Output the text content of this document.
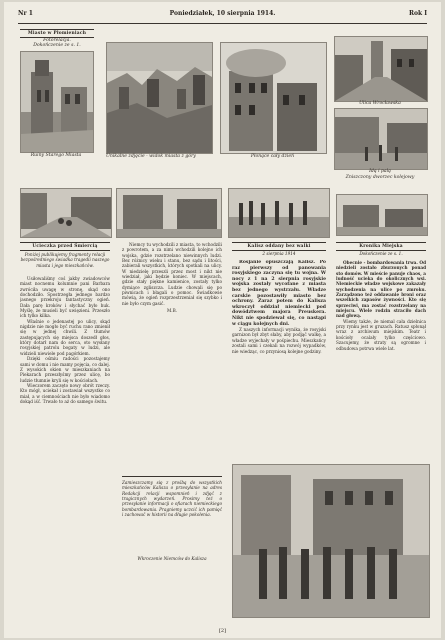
Nr 1	Poniedziałek, 10 sierpnia 1914.	Rok I
Miasto w Płomieniach
Fotorelacja.
Dokończenie ze s. 1.
Ruiny Starego Miasta	Unikalne zdjęcie - widok miasta z góry	Płonące cały dzień
Ulica Wrocławska
Idą i palą
Zniszczony dworzec kolejowy
Ucieczka przed Śmiercią
Poniżej publikujemy fragmenty relacji bezpośredniego świadka tragedii naszego miasta i jego mieszkańców.
Kalisz oddany bez walki
2 sierpnia 1914
Kronika Miejska
Dokończenie ze s. 1.

Usiłowaliśmy coś jakby zwiadowców miast nocnemu kolumnie pani Barbara zwróciła uwagę w stronę, skąd ono dochodziło. Spostrzegła jednego bardzo jasnego przekroju fantastyczny ogień. Dała parę kroków i słychać było huk. Myślę, że musieli być uwięzieni. Przeszło ich tylko kilka.

Właśnie o jedenastej po ulicy, skąd nigdzie nie mogło być ruchu rano zmienił się w jednej chwili. Z tłumów zastępujących się miejsca doszedł głos, który dotarł nam do serca, oto wysłany rosyjskiej patrolu bogaty w ludzi, ale widzieli niewiele pod pagórkiem.

Dzięki ośmiu radości pozostajemy sami w domu i nie mamy pojęcia, co dalej. Z wysokich okien w mieszkaniach na Piekarach przeszłyśmy przez ulicę, bo ludzie tłumnie kryli się w kościołach.

Wieczorem zaczęto nowy obrót rzeczy. Kto mógł, uciekał i zostawiał wszystko co miał, a w ciemnościach nie było wiadomo dokąd iść. Trwało to aż do samego świtu.

Niemcy tu wychodzili z miasta, to wchodzili z powrotem, a za nimi wchodzili kolejno ich wojska, gdzie rozstrzelano niewinnych ludzi. Bez różnicy wieku i stanu, bez sądu i litości, zabierali wszystkich, których spotkali na ulicy. W niedzielę przeszli przez most i nikt nie wiedział, jaki będzie koniec. W miejscach, gdzie stały piękne kamienice, zostały tylko dymiące zgliszcza. Ludzie chowali się po piwnicach i błagali o pomoc. Świadkowie mówią, że ogień rozprzestrzeniał się szybko i nie było czym gasić.

M.B.

Zamieszczamy się z prośbą do wszystkich mieszkańców Kalisza o przesyłanie na adres Redakcji relacji wspomnień i zdjęć z tragicznych wydarzeń. Prosimy też o przesyłanie informacji o ofiarach niemieckiego bombardowania. Pragniemy uczcić ich pamięć i zachować w historii na długie pokolenia.
Wkroczenie Niemców do Kalisza

Rosjanie opuszczają Kalisz. Po raz pierwszy od panowania rosyjskiego zaczyna się tu wojna. W nocy z 1 na 2 sierpnia rosyjskie wojska zostały wycofane z miasta bez jednego wystrzału. Władze carskie pozostawiły miasto bez ochrony. Zaraz potem do Kalisza wkroczył oddział niemiecki pod dowództwem majora Preuskera. Nikt nie spodziewał się, co nastąpi w ciągu kolejnych dni.

Z naszych informacji wynika, że rosyjski garnizon był zbyt słaby, aby podjąć walkę, a władze wyjechały w pośpiechu. Mieszkańcy zostali sami i czekali na rozwój wypadków, nie wiedząc, co przyniosą kolejne godziny.

Obecnie - bombardowania trwa. Od niedzieli zostało zburzonych ponad sto domów. W mieście panuje chaos, a ludność ucieka do okolicznych wsi. Niemieckie władze wojskowe zakazały wychodzenia na ulice po zmroku. Zarządzono też oddawanie broni oraz wszelkich zapasów żywności. Kto się sprzeciwi, ma zostać rozstrzelany na miejscu. Wiele rodzin straciło dach nad głową.

Wiemy także, że niemal cała dzielnica przy rynku jest w gruzach. Ratusz spłonął wraz z archiwum miejskim. Teatr i kościoły ocalały tylko częściowo. Szacujemy, że straty są ogromne i odbudowa potrwa wiele lat.

[2]
